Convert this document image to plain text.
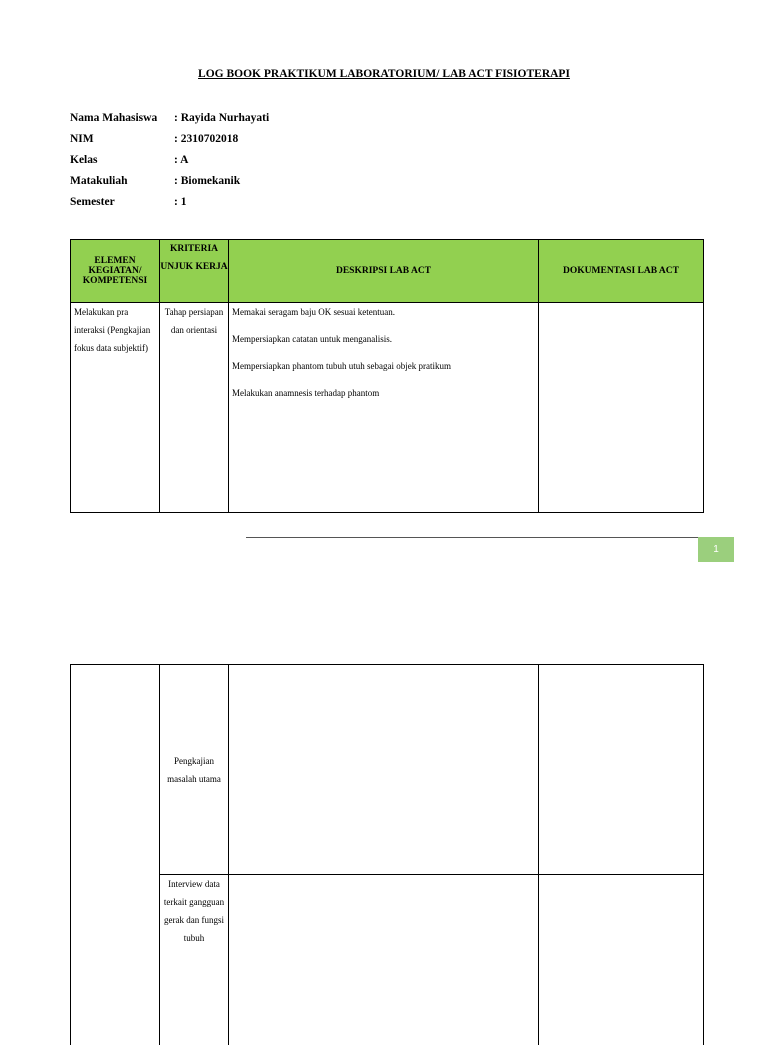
LOG BOOK PRAKTIKUM LABORATORIUM/ LAB ACT FISIOTERAPI
Nama Mahasiswa : Rayida Nurhayati
NIM	: 2310702018
Kelas	: A
Matakuliah	: Biomekanik
Semester	: 1
ELEMEN KEGIATAN/ KOMPETENSI	KRITERIA UNJUK KERJA	DESKRIPSI LAB ACT	DOKUMENTASI LAB ACT
Melakukan pra interaksi (Pengkajian fokus data subjektif)	Tahap persiapan dan orientasi	Memakai seragam baju OK sesuai ketentuan.

Mempersiapkan catatan untuk menganalisis.

Mempersiapkan phantom tubuh utuh sebagai objek pratikum

Melakukan anamnesis terhadap phantom	

1
	Pengkajian masalah utama		
	Interview data terkait gangguan gerak dan fungsi tubuh		
